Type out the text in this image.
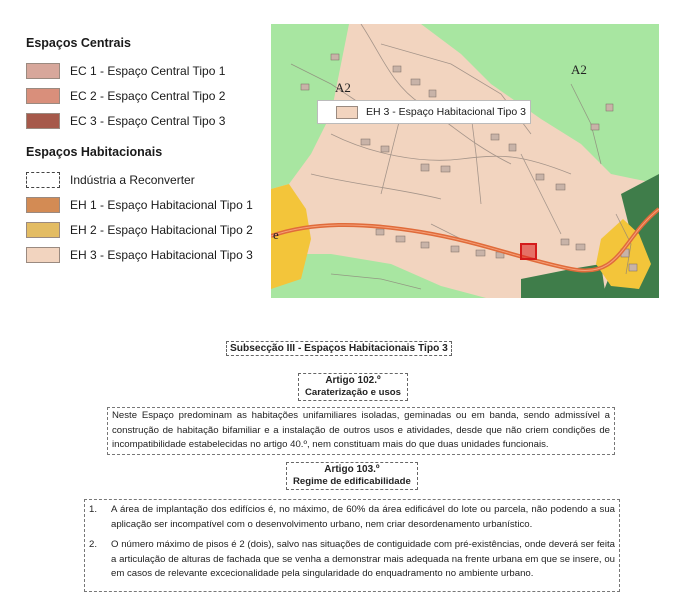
Espaços Centrais
EC 1 - Espaço Central Tipo 1
EC 2 - Espaço Central Tipo 2
EC 3 - Espaço Central Tipo 3
Espaços Habitacionais
Indústria a Reconverter
EH 1 - Espaço Habitacional Tipo 1
EH 2 - Espaço Habitacional Tipo 2
EH 3 - Espaço Habitacional Tipo 3
A2
A2
e
EH 3 - Espaço Habitacional Tipo 3
Subsecção III - Espaços Habitacionais Tipo 3
Artigo 102.º
Caraterização e usos
Neste Espaço predominam as habitações unifamiliares isoladas, geminadas ou em banda, sendo admissível a construção de habitação bifamiliar e a instalação de outros usos e atividades, desde que não criem condições de incompatibilidade estabelecidas no artigo 40.º, nem constituam mais do que duas unidades funcionais.
Artigo 103.º
Regime de edificabilidade
1.	A área de implantação dos edifícios é, no máximo, de 60% da área edificável do lote ou parcela, não podendo a sua aplicação ser incompatível com o desenvolvimento urbano, nem criar desordenamento urbanístico.
2.	O número máximo de pisos é 2 (dois), salvo nas situações de contiguidade com pré-existências, onde deverá ser feita a articulação de alturas de fachada que se venha a demonstrar mais adequada na frente urbana em que se insere, ou em casos de relevante excecionalidade pela singularidade do enquadramento no ambiente urbano.
